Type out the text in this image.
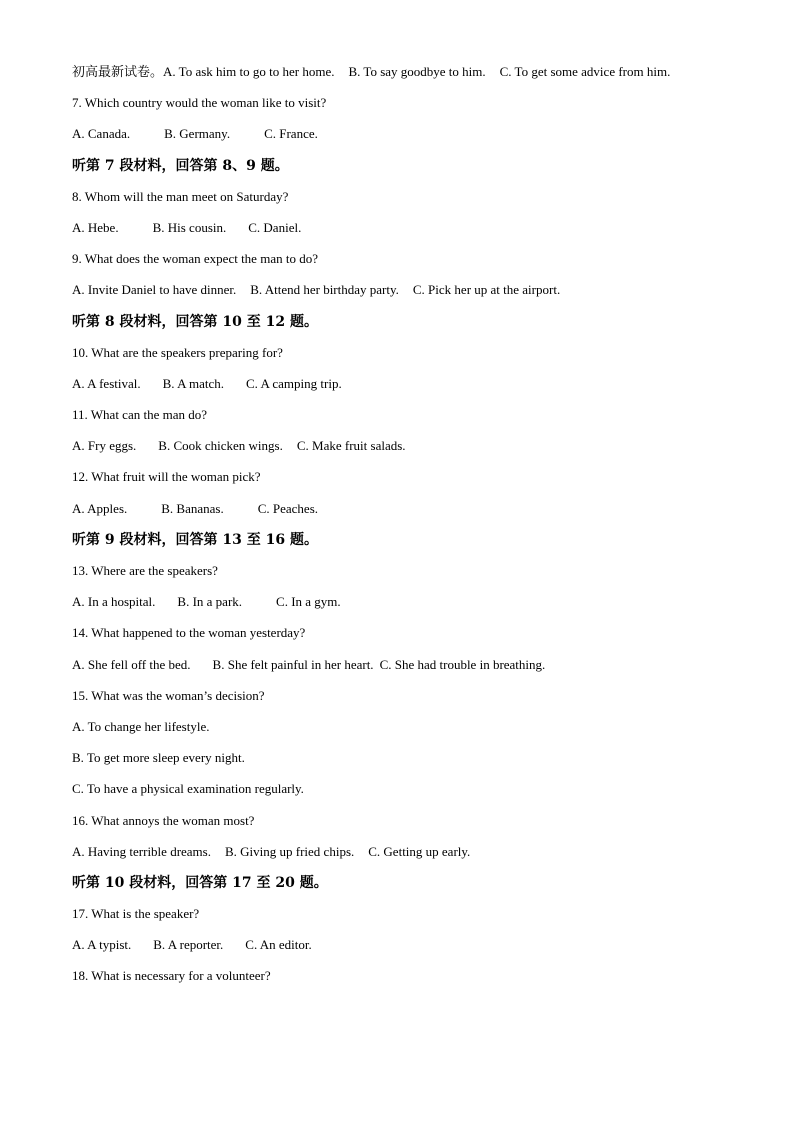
初高最新试卷。A. To ask him to go to her home. B. To say goodbye to him. C. To get some advice from him.
7. Which country would the woman like to visit?
A. Canada.	B. Germany.	C. France.
听第 7 段材料，回答第 8、9 题。
8. Whom will the man meet on Saturday?
A. Hebe.	B. His cousin. C. Daniel.
9. What does the woman expect the man to do?
A. Invite Daniel to have dinner. B. Attend her birthday party. C. Pick her up at the airport.
听第 8 段材料，回答第 10 至 12 题。
10. What are the speakers preparing for?
A. A festival. B. A match. C. A camping trip.
11. What can the man do?
A. Fry eggs. B. Cook chicken wings. C. Make fruit salads.
12. What fruit will the woman pick?
A. Apples.	B. Bananas.	C. Peaches.
听第 9 段材料，回答第 13 至 16 题。
13. Where are the speakers?
A. In a hospital. B. In a park.	C. In a gym.
14. What happened to the woman yesterday?
A. She fell off the bed. B. She felt painful in her heart. C. She had trouble in breathing.
15. What was the woman’s decision?
A. To change her lifestyle.
B. To get more sleep every night.
C. To have a physical examination regularly.
16. What annoys the woman most?
A. Having terrible dreams. B. Giving up fried chips. C. Getting up early.
听第 10 段材料，回答第 17 至 20 题。
17. What is the speaker?
A. A typist. B. A reporter. C. An editor.
18. What is necessary for a volunteer?
